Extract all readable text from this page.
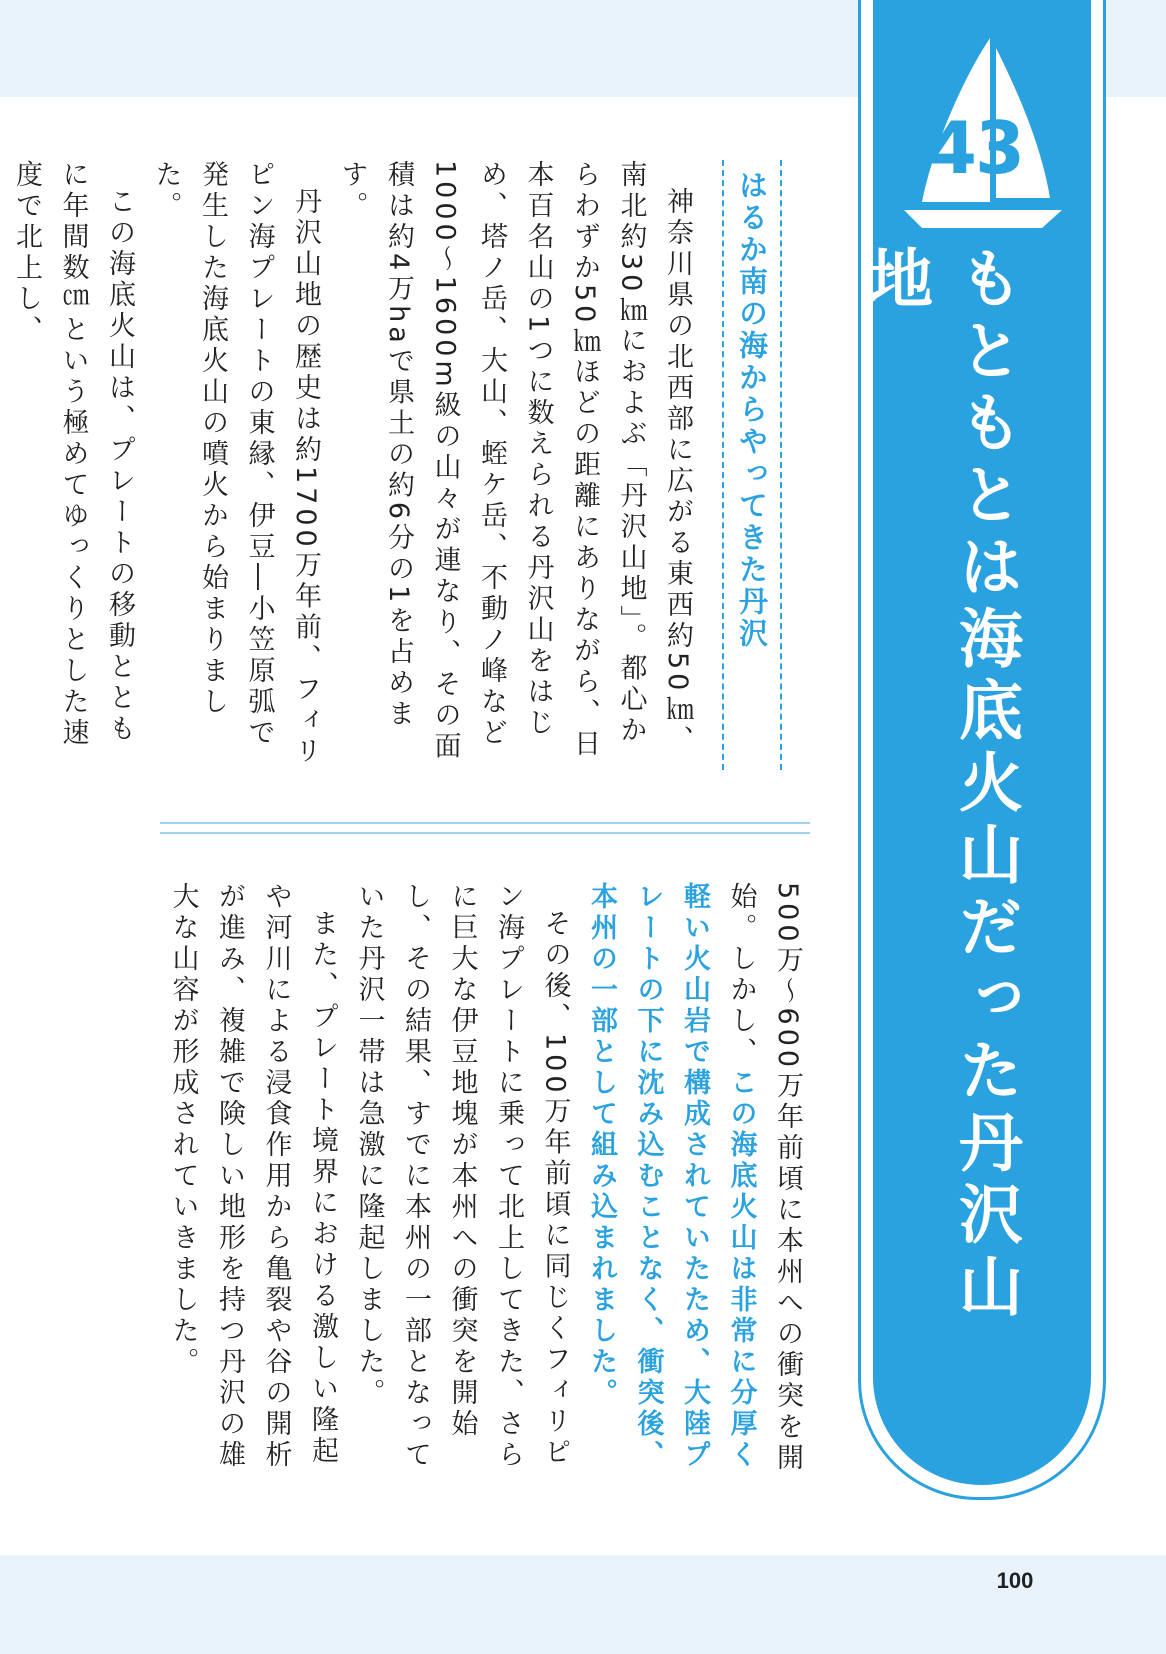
43
もともとは海底火山だった丹沢山地
はるか南の海からやってきた丹沢

神奈川県の北西部に広がる東西約50㎞、南北約30㎞におよぶ「丹沢山地」。都心からわずか50㎞ほどの距離にありながら、日本百名山の1つに数えられる丹沢山をはじめ、塔ノ岳、大山、蛭ケ岳、不動ノ峰など1000〜1600m級の山々が連なり、その面積は約4万haで県土の約6分の1を占めます。

丹沢山地の歴史は約1700万年前、フィリピン海プレートの東縁、伊豆―小笠原弧で発生した海底火山の噴火から始まりました。

この海底火山は、プレートの移動とともに年間数㎝という極めてゆっくりとした速度で北上し、

500万〜600万年前頃に本州への衝突を開始。しかし、この海底火山は非常に分厚く軽い火山岩で構成されていたため、大陸プレートの下に沈み込むことなく、衝突後、本州の一部として組み込まれました。

その後、100万年前頃に同じくフィリピン海プレートに乗って北上してきた、さらに巨大な伊豆地塊が本州への衝突を開始し、その結果、すでに本州の一部となっていた丹沢一帯は急激に隆起しました。

また、プレート境界における激しい隆起や河川による浸食作用から亀裂や谷の開析が進み、複雑で険しい地形を持つ丹沢の雄大な山容が形成されていきました。

100
